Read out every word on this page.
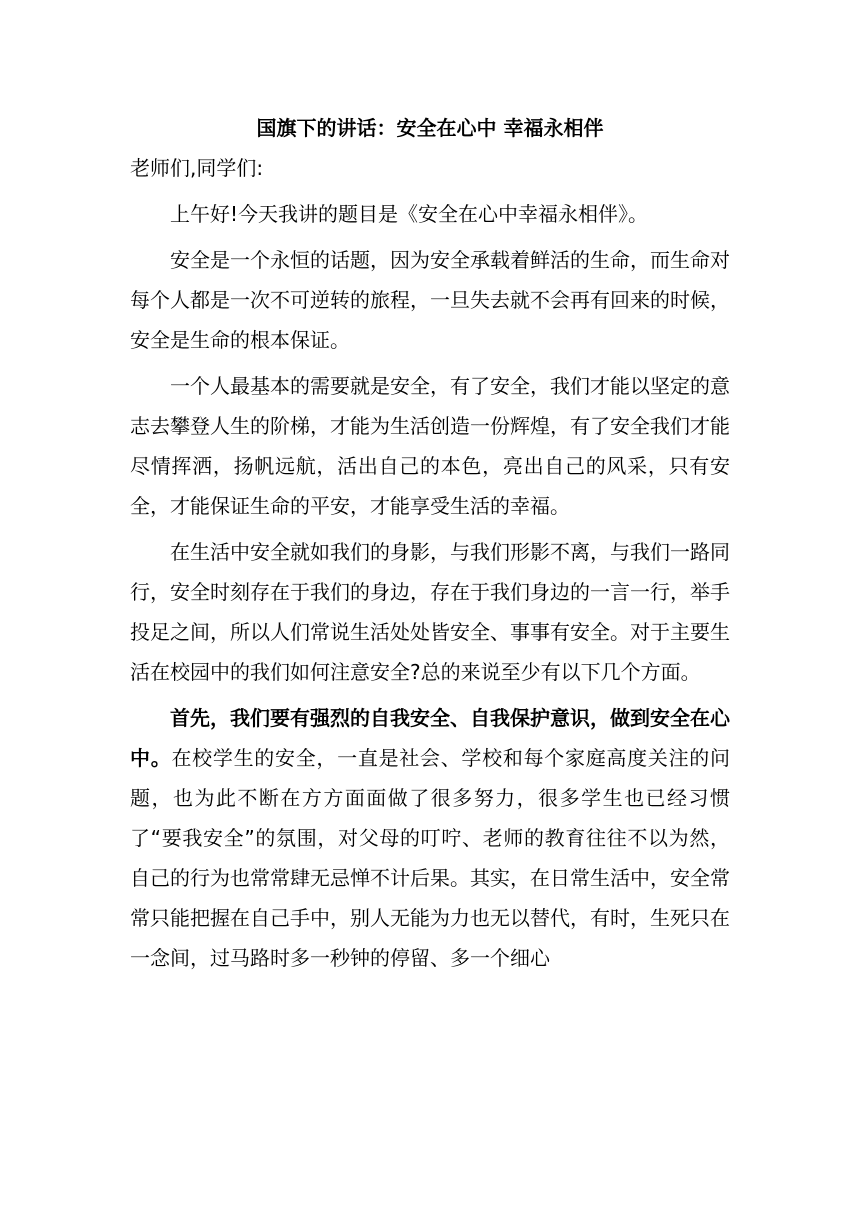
国旗下的讲话：安全在心中 幸福永相伴

老师们,同学们:

上午好!今天我讲的题目是《安全在心中幸福永相伴》。

安全是一个永恒的话题，因为安全承载着鲜活的生命，而生命对每个人都是一次不可逆转的旅程，一旦失去就不会再有回来的时候，安全是生命的根本保证。

一个人最基本的需要就是安全，有了安全，我们才能以坚定的意志去攀登人生的阶梯，才能为生活创造一份辉煌，有了安全我们才能尽情挥洒，扬帆远航，活出自己的本色，亮出自己的风采，只有安全，才能保证生命的平安，才能享受生活的幸福。

在生活中安全就如我们的身影，与我们形影不离，与我们一路同行，安全时刻存在于我们的身边，存在于我们身边的一言一行，举手投足之间，所以人们常说生活处处皆安全、事事有安全。对于主要生活在校园中的我们如何注意安全?总的来说至少有以下几个方面。

首先，我们要有强烈的自我安全、自我保护意识，做到安全在心中。在校学生的安全，一直是社会、学校和每个家庭高度关注的问题，也为此不断在方方面面做了很多努力，很多学生也已经习惯了“要我安全”的氛围，对父母的叮咛、老师的教育往往不以为然，自己的行为也常常肆无忌惮不计后果。其实，在日常生活中，安全常常只能把握在自己手中，别人无能为力也无以替代，有时，生死只在一念间，过马路时多一秒钟的停留、多一个细心
